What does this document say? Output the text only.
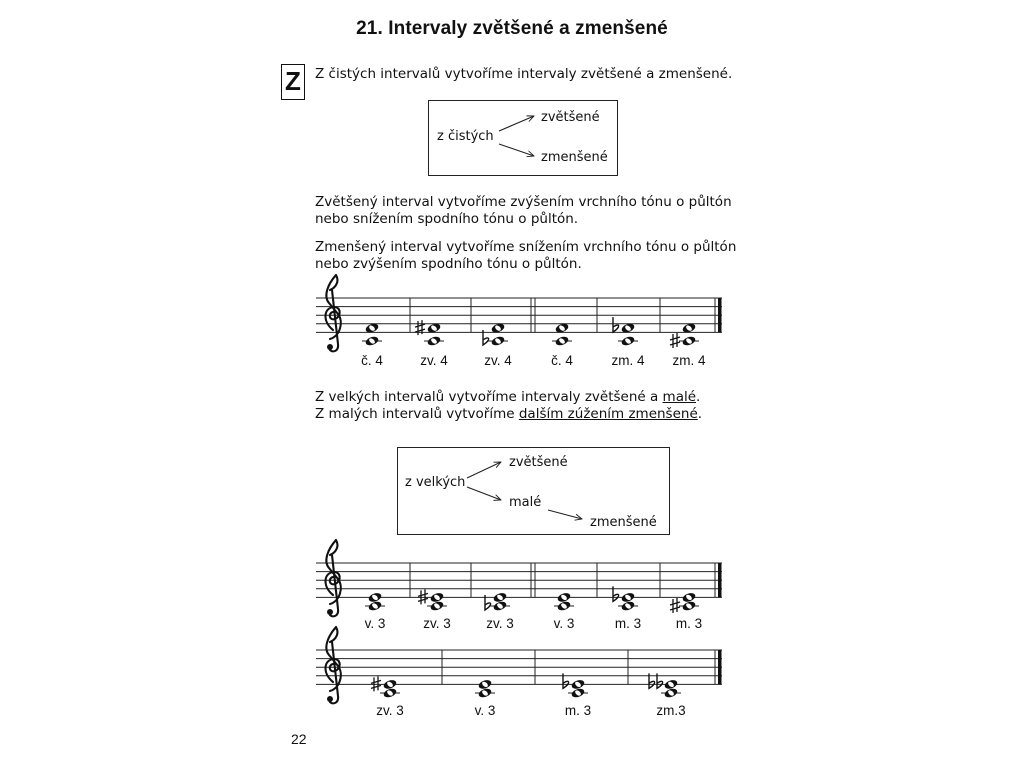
21. Intervaly zvětšené a zmenšené
Z	Z čistých intervalů vytvoříme intervaly zvětšené a zmenšené.
z čistých
zvětšené
zmenšené
Zvětšený interval vytvoříme zvýšením vrchního tónu o půltón
nebo snížením spodního tónu o půltón.
Zmenšený interval vytvoříme snížením vrchního tónu o půltón
nebo zvýšením spodního tónu o půltón.
Z velkých intervalů vytvoříme intervaly zvětšené a malé.
Z malých intervalů vytvoříme dalším zúžením zmenšené.
z velkých
zvětšené
malé
zmenšené
č. 4	zv. 4	zv. 4	č. 4	zm. 4	zm. 4
v. 3	zv. 3	zv. 3	v. 3	m. 3	m. 3
zv. 3	v. 3	m. 3	zm.3
22
